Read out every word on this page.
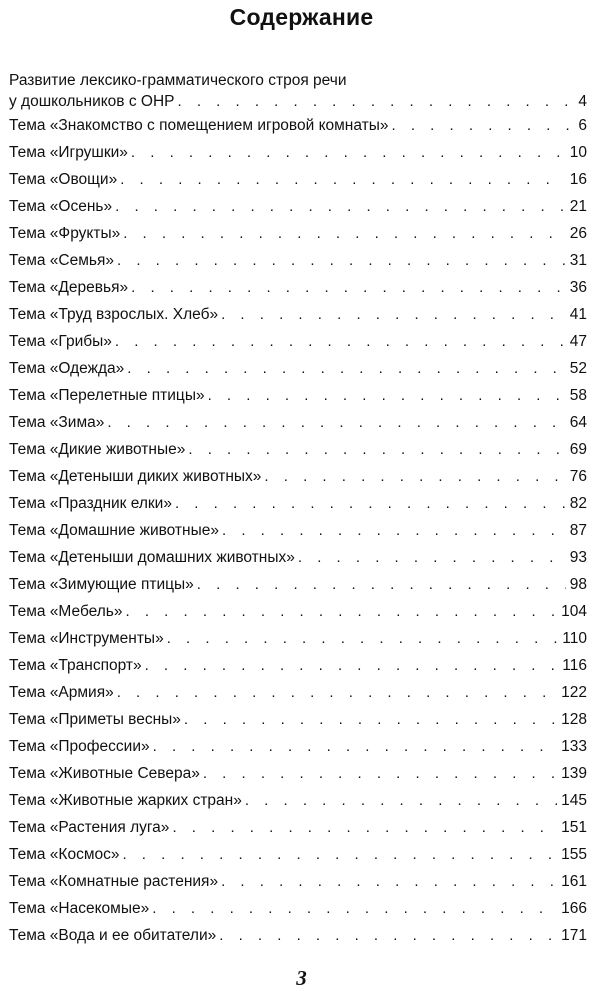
Содержание
Развитие лексико-грамматического строя речи
у дошкольников с ОНР . . .	4
Тема «Знакомство с помещением игровой комнаты» . . .	6
Тема «Игрушки» . . .	10
Тема «Овощи» . . .	16
Тема «Осень» . . .	21
Тема «Фрукты» . . .	26
Тема «Семья» . . .	31
Тема «Деревья» . . .	36
Тема «Труд взрослых. Хлеб» . . .	41
Тема «Грибы» . . .	47
Тема «Одежда» . . .	52
Тема «Перелетные птицы» . . .	58
Тема «Зима» . . .	64
Тема «Дикие животные» . . .	69
Тема «Детеныши диких животных» . . .	76
Тема «Праздник елки» . . .	82
Тема «Домашние животные» . . .	87
Тема «Детеныши домашних животных» . . .	93
Тема «Зимующие птицы» . . .	98
Тема «Мебель» . . .	104
Тема «Инструменты» . . .	110
Тема «Транспорт» . . .	116
Тема «Армия» . . .	122
Тема «Приметы весны» . . .	128
Тема «Профессии» . . .	133
Тема «Животные Севера» . . .	139
Тема «Животные жарких стран» . . .	145
Тема «Растения луга» . . .	151
Тема «Космос» . . .	155
Тема «Комнатные растения» . . .	161
Тема «Насекомые» . . .	166
Тема «Вода и ее обитатели» . . .	171
3
